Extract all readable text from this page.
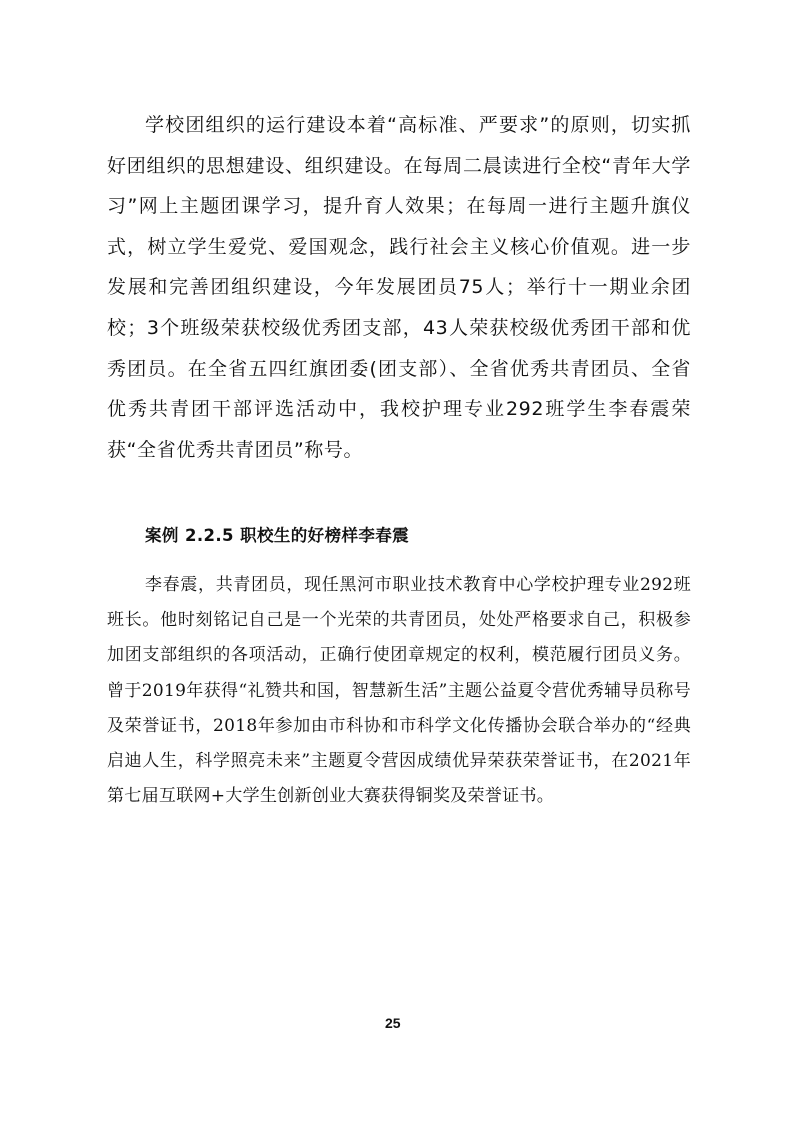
学校团组织的运行建设本着“高标准、严要求”的原则，切实抓好团组织的思想建设、组织建设。在每周二晨读进行全校“青年大学习”网上主题团课学习，提升育人效果；在每周一进行主题升旗仪式，树立学生爱党、爱国观念，践行社会主义核心价值观。进一步发展和完善团组织建设，今年发展团员75人；举行十一期业余团校；3个班级荣获校级优秀团支部，43人荣获校级优秀团干部和优秀团员。在全省五四红旗团委(团支部）、全省优秀共青团员、全省优秀共青团干部评选活动中，我校护理专业292班学生李春震荣获“全省优秀共青团员”称号。

案例 2.2.5 职校生的好榜样李春震

李春震，共青团员，现任黑河市职业技术教育中心学校护理专业292班班长。他时刻铭记自己是一个光荣的共青团员，处处严格要求自己，积极参加团支部组织的各项活动，正确行使团章规定的权利，模范履行团员义务。曾于2019年获得“礼赞共和国，智慧新生活”主题公益夏令营优秀辅导员称号及荣誉证书，2018年参加由市科协和市科学文化传播协会联合举办的“经典启迪人生，科学照亮未来”主题夏令营因成绩优异荣获荣誉证书，在2021年第七届互联网+大学生创新创业大赛获得铜奖及荣誉证书。

25
